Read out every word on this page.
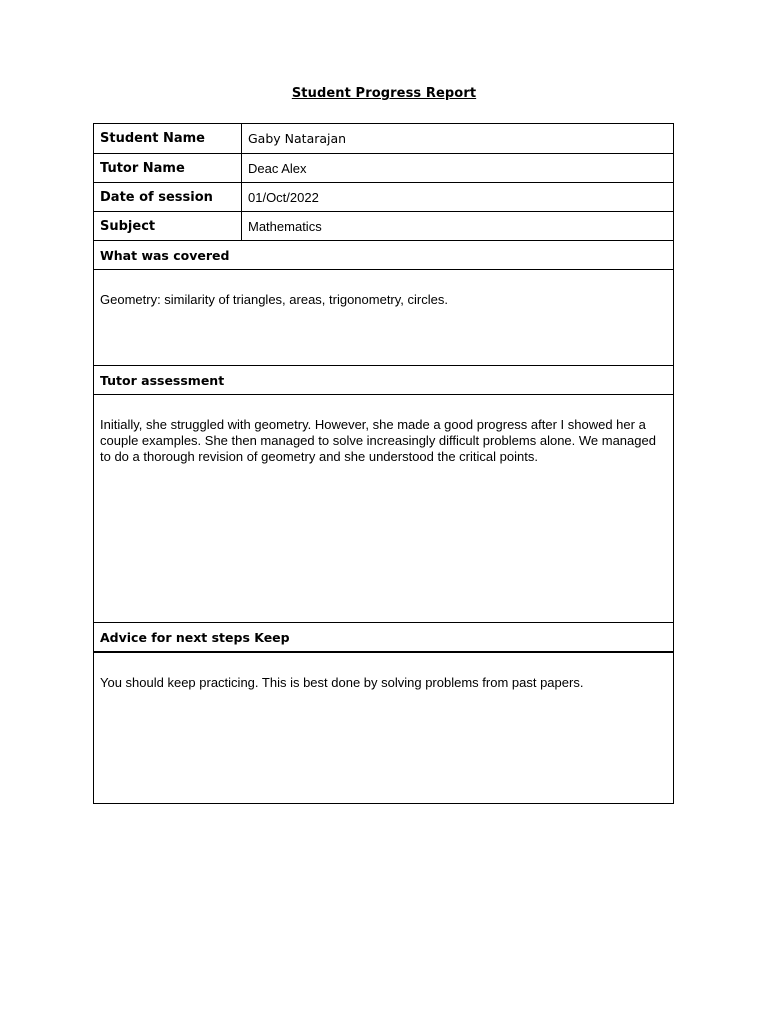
Student Progress Report
Student Name	Gaby Natarajan
Tutor Name	Deac Alex
Date of session	01/Oct/2022
Subject	Mathematics
What was covered	
Geometry: similarity of triangles, areas, trigonometry, circles.	
Tutor assessment	
Initially, she struggled with geometry. However, she made a good progress after I showed her a couple examples. She then managed to solve increasingly difficult problems alone. We managed to do a thorough revision of geometry and she understood the critical points.	
Advice for next steps Keep	
You should keep practicing. This is best done by solving problems from past papers.	
